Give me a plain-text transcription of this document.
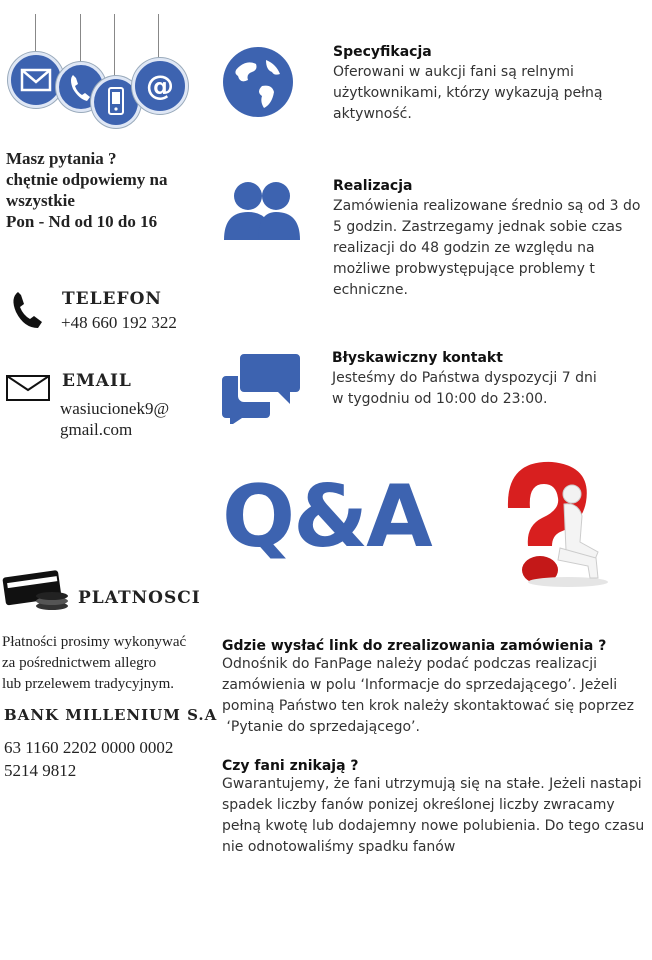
@
Masz pytania ?
chętnie odpowiemy na
wszystkie
Pon - Nd od 10 do 16
TELEFON
+48 660 192 322
EMAIL
wasiucionek9@
gmail.com
Specyfikacja
Oferowani w aukcji fani są relnymi
użytkownikami, którzy wykazują pełną
aktywność.
Realizacja
Zamówienia realizowane średnio są od 3 do
5 godzin. Zastrzegamy jednak sobie czas
realizacji do 48 godzin ze względu na
możliwe probwystępujące problemy t
echniczne.
Błyskawiczny kontakt
Jesteśmy do Państwa dyspozycji 7 dni
w tygodniu od 10:00 do 23:00.
Q&A
PLATNOSCI
Płatności prosimy wykonywać
za pośrednictwem allegro
lub przelewem tradycyjnym.
BANK MILLENIUM S.A
63 1160 2202 0000 0002
5214 9812
Gdzie wysłać link do zrealizowania zamówienia ?
Odnośnik do FanPage należy podać podczas realizacji
zamówienia w polu ‘Informacje do sprzedającego’. Jeżeli
pominą Państwo ten krok należy skontaktować się poprzez
‘Pytanie do sprzedającego’.
Czy fani znikają ?
Gwarantujemy, że fani utrzymują się na stałe. Jeżeli nastapi
spadek liczby fanów ponizej określonej liczby zwracamy
pełną kwotę lub dodajemny nowe polubienia. Do tego czasu
nie odnotowaliśmy spadku fanów
